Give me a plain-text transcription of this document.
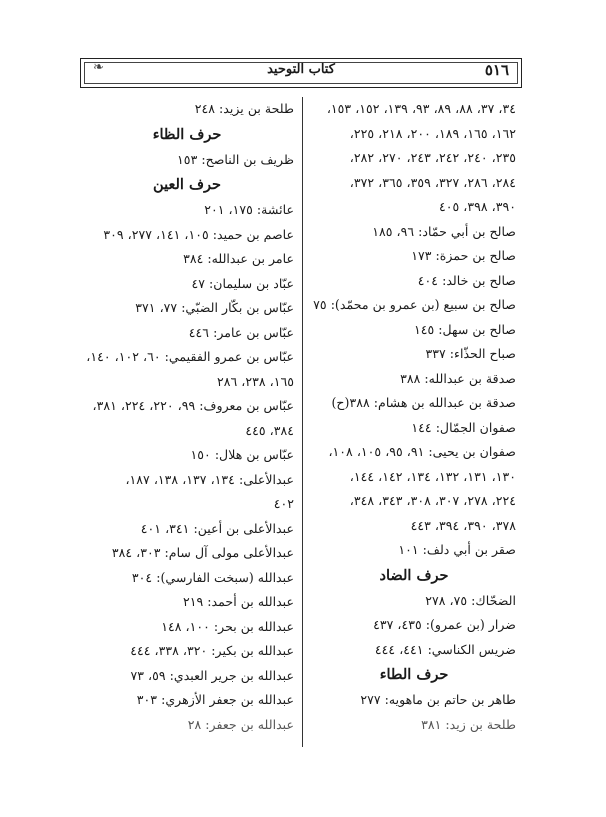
٥١٦
كتاب التوحيد
❧
٣٤، ٣٧، ٨٨، ٨٩، ٩٣، ١٣٩، ١٥٢، ١٥٣،
١٦٢، ١٦٥، ١٨٩، ٢٠٠، ٢١٨، ٢٢٥،
٢٣٥، ٢٤٠، ٢٤٢، ٢٤٣، ٢٧٠، ٢٨٢،
٢٨٤، ٢٨٦، ٣٢٧، ٣٥٩، ٣٦٥، ٣٧٢،
٣٩٠، ٣٩٨، ٤٠٥
صالح بن أبي حمّاد: ٩٦، ١٨٥
صالح بن حمزة: ١٧٣
صالح بن خالد: ٤٠٤
صالح بن سبيع (بن عمرو بن محمّد): ٧٥
صالح بن سهل: ١٤٥
صباح الحذّاء: ٣٣٧
صدقة بن عبدالله: ٣٨٨
صدقة بن عبدالله بن هشام: ٣٨٨(ح)
صفوان الجمّال: ١٤٤
صفوان بن يحيى: ٩١، ٩٥، ١٠٥، ١٠٨،
١٣٠، ١٣١، ١٣٢، ١٣٤، ١٤٢، ١٤٤،
٢٢٤، ٢٧٨، ٣٠٧، ٣٠٨، ٣٤٣، ٣٤٨،
٣٧٨، ٣٩٠، ٣٩٤، ٤٤٣
صقر بن أبي دلف: ١٠١
حرف الضاد
الضحّاك: ٧٥، ٢٧٨
ضرار (بن عمرو): ٤٣٥، ٤٣٧
ضريس الكناسي: ٤٤١، ٤٤٤
حرف الطاء
طاهر بن حاتم بن ماهويه: ٢٧٧
طلحة بن زيد: ٣٨١
طلحة بن يزيد: ٢٤٨
حرف الظاء
ظريف بن الناصح: ١٥٣
حرف العين
عائشة: ١٧٥، ٢٠١
عاصم بن حميد: ١٠٥، ١٤١، ٢٧٧، ٣٠٩
عامر بن عبدالله: ٣٨٤
عبّاد بن سليمان: ٤٧
عبّاس بن بكّار الضبّي: ٧٧، ٣٧١
عبّاس بن عامر: ٤٤٦
عبّاس بن عمرو الفقيمي: ٦٠، ١٠٢، ١٤٠،
١٦٥، ٢٣٨، ٢٨٦
عبّاس بن معروف: ٩٩، ٢٢٠، ٢٢٤، ٣٨١،
٣٨٤، ٤٤٥
عبّاس بن هلال: ١٥٠
عبدالأعلى: ١٣٤، ١٣٧، ١٣٨، ١٨٧،
٤٠٢
عبدالأعلى بن أعين: ٣٤١، ٤٠١
عبدالأعلى مولى آل سام: ٣٠٣، ٣٨٤
عبدالله (سبخت الفارسي): ٣٠٤
عبدالله بن أحمد: ٢١٩
عبدالله بن بحر: ١٠٠، ١٤٨
عبدالله بن بكير: ٣٢٠، ٣٣٨، ٤٤٤
عبدالله بن جرير العبدي: ٥٩، ٧٣
عبدالله بن جعفر الأزهري: ٣٠٣
عبدالله بن جعفر: ٢٨
